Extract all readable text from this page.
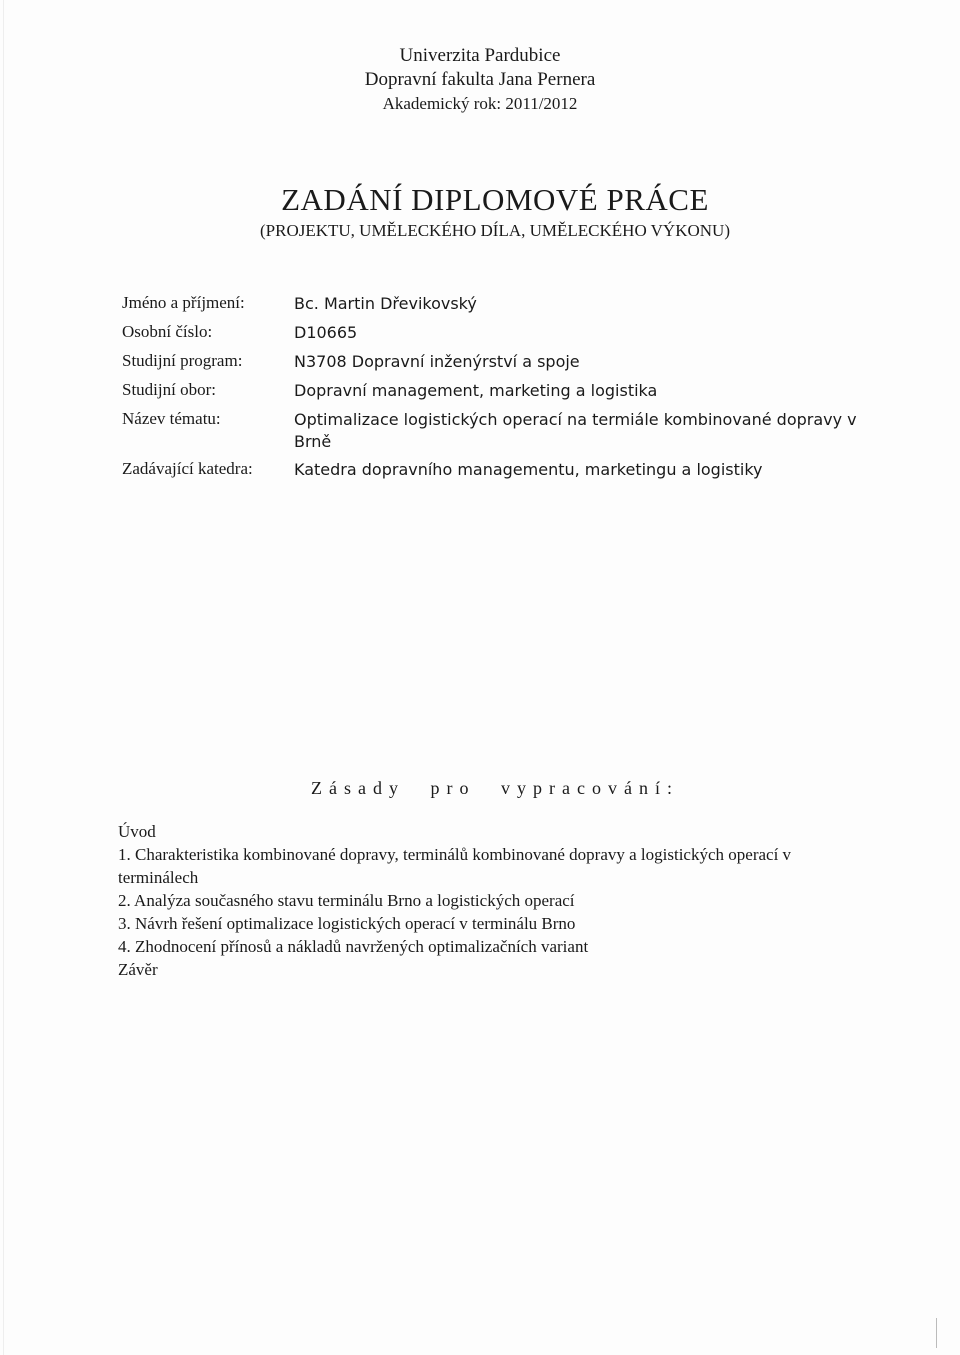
Univerzita Pardubice
Dopravní fakulta Jana Pernera
Akademický rok: 2011/2012
ZADÁNÍ DIPLOMOVÉ PRÁCE
(PROJEKTU, UMĚLECKÉHO DÍLA, UMĚLECKÉHO VÝKONU)
Jméno a příjmení:	Bc. Martin Dřevikovský
Osobní číslo:	D10665
Studijní program:	N3708 Dopravní inženýrství a spoje
Studijní obor:	Dopravní management, marketing a logistika
Název tématu:	Optimalizace logistických operací na termiále kombinované dopravy v Brně
Zadávající katedra:	Katedra dopravního managementu, marketingu a logistiky
Zásady pro vypracování:
Úvod
1. Charakteristika kombinované dopravy, terminálů kombinované dopravy a logistických operací v terminálech
2. Analýza současného stavu terminálu Brno a logistických operací
3. Návrh řešení optimalizace logistických operací v terminálu Brno
4. Zhodnocení přínosů a nákladů navržených optimalizačních variant
Závěr
